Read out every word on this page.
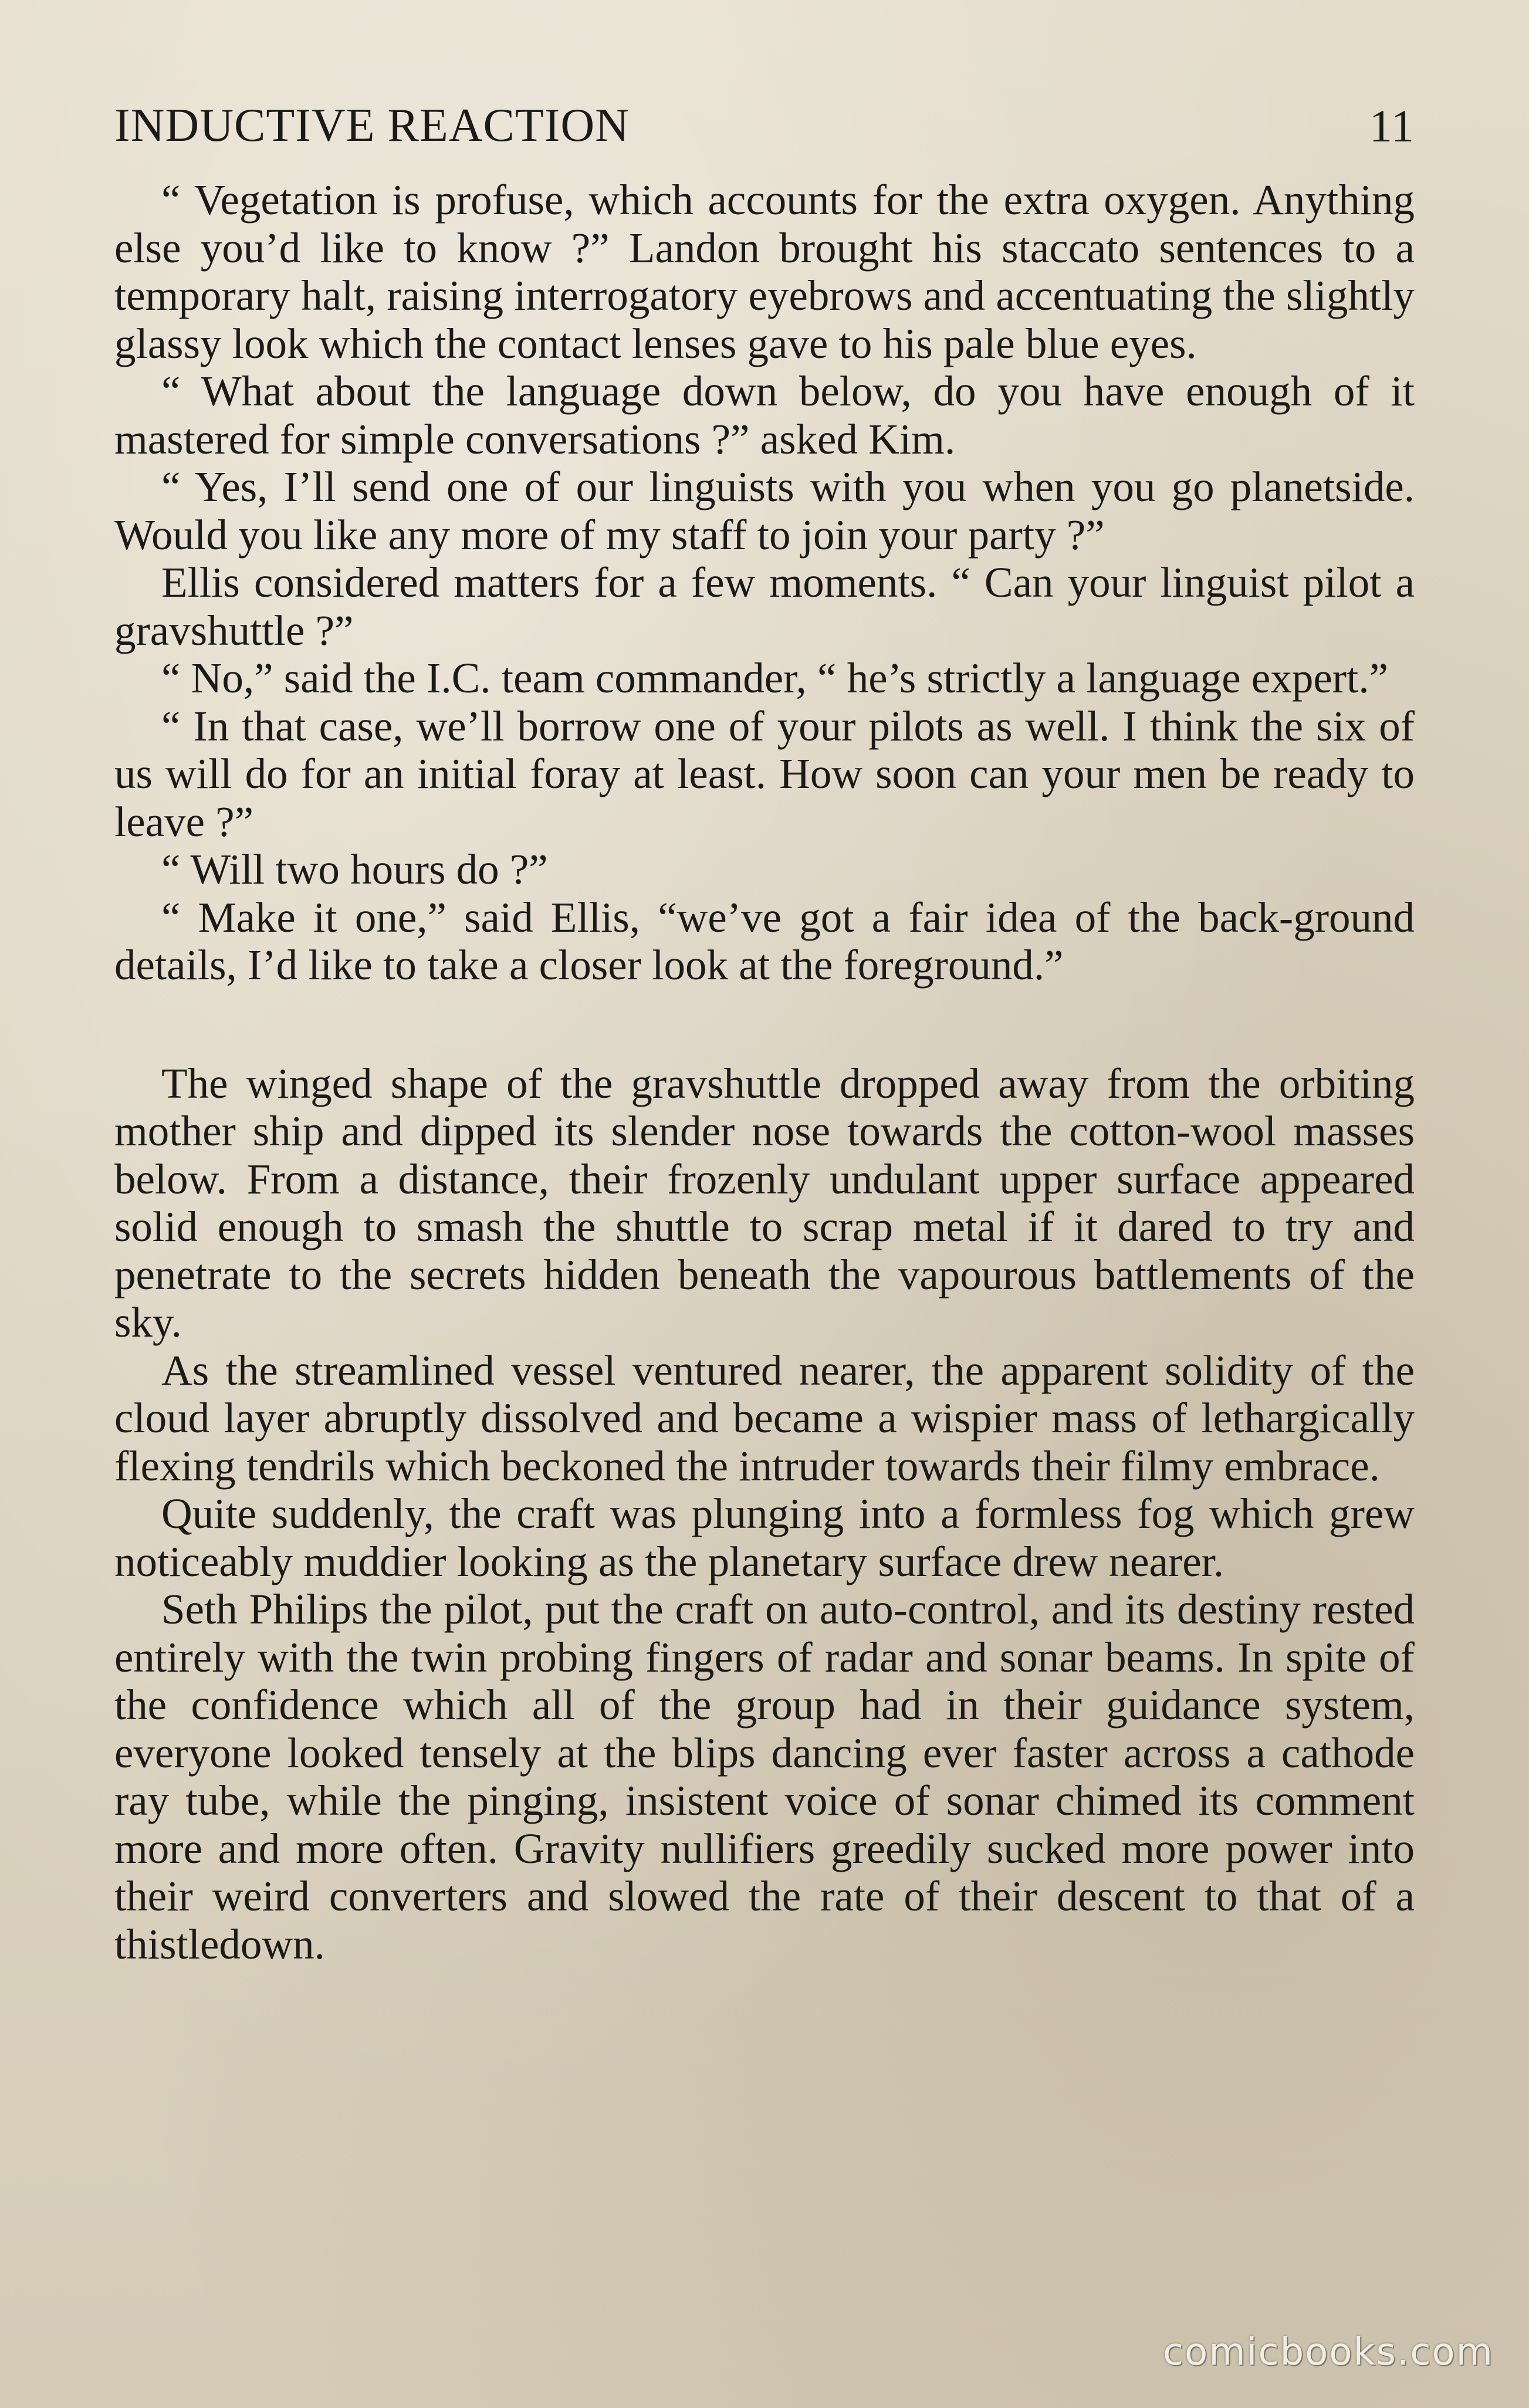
INDUCTIVE REACTION	11

“ Vegetation is profuse, which accounts for the extra oxygen. Anything else you’d like to know ?” Landon brought his staccato sentences to a temporary halt, raising interrogatory eyebrows and accentuating the slightly glassy look which the contact lenses gave to his pale blue eyes.

“ What about the language down below, do you have enough of it mastered for simple conversations ?” asked Kim.

“ Yes, I’ll send one of our linguists with you when you go planetside. Would you like any more of my staff to join your party ?”

Ellis considered matters for a few moments. “ Can your linguist pilot a gravshuttle ?”

“ No,” said the I.C. team commander, “ he’s strictly a language expert.”

“ In that case, we’ll borrow one of your pilots as well. I think the six of us will do for an initial foray at least. How soon can your men be ready to leave ?”

“ Will two hours do ?”

“ Make it one,” said Ellis, “we’ve got a fair idea of the back-ground details, I’d like to take a closer look at the foreground.”

The winged shape of the gravshuttle dropped away from the orbiting mother ship and dipped its slender nose towards the cotton-wool masses below. From a distance, their frozenly undulant upper surface appeared solid enough to smash the shuttle to scrap metal if it dared to try and penetrate to the secrets hidden beneath the vapourous battlements of the sky.

As the streamlined vessel ventured nearer, the apparent solidity of the cloud layer abruptly dissolved and became a wispier mass of lethargically flexing tendrils which beckoned the intruder towards their filmy embrace.

Quite suddenly, the craft was plunging into a formless fog which grew noticeably muddier looking as the planetary surface drew nearer.

Seth Philips the pilot, put the craft on auto-control, and its destiny rested entirely with the twin probing fingers of radar and sonar beams. In spite of the confidence which all of the group had in their guidance system, everyone looked tensely at the blips dancing ever faster across a cathode ray tube, while the pinging, insistent voice of sonar chimed its comment more and more often. Gravity nullifiers greedily sucked more power into their weird converters and slowed the rate of their descent to that of a thistledown.

comicbooks.com
